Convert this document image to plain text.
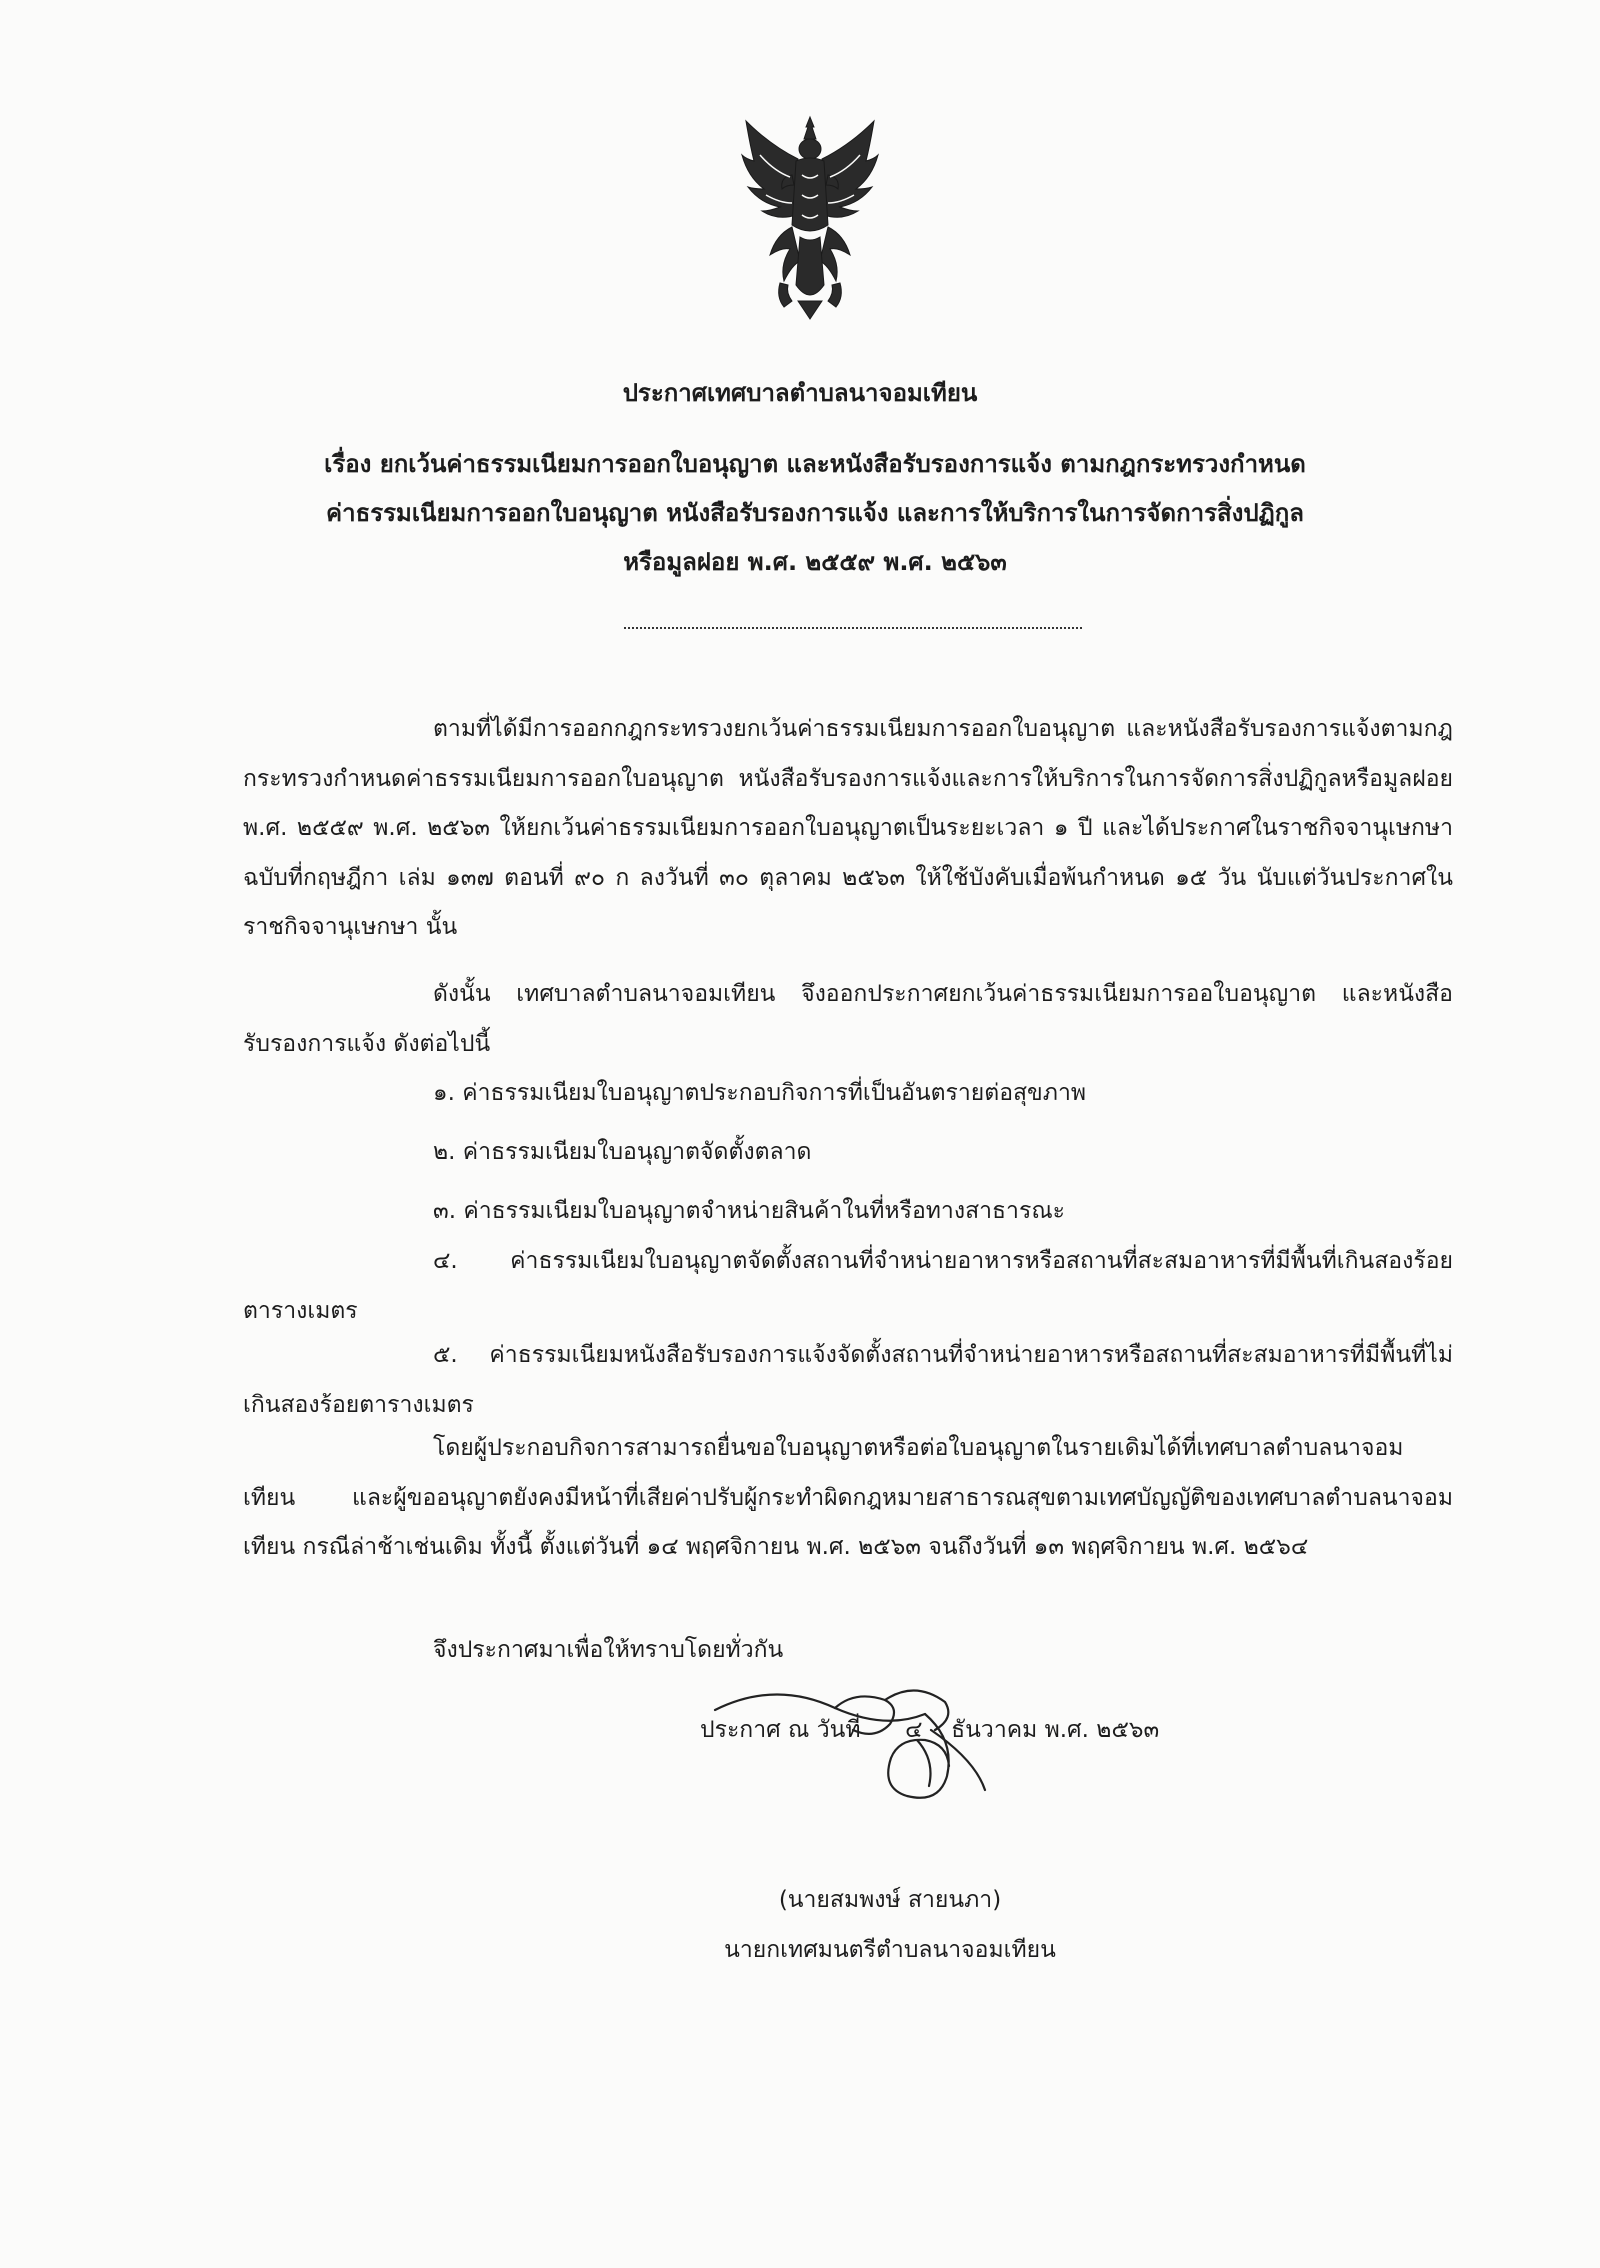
ประกาศเทศบาลตำบลนาจอมเทียน
เรื่อง ยกเว้นค่าธรรมเนียมการออกใบอนุญาต และหนังสือรับรองการแจ้ง ตามกฎกระทรวงกำหนด
ค่าธรรมเนียมการออกใบอนุญาต หนังสือรับรองการแจ้ง และการให้บริการในการจัดการสิ่งปฏิกูล
หรือมูลฝอย พ.ศ. ๒๕๕๙ พ.ศ. ๒๕๖๓
ตามที่ได้มีการออกกฎกระทรวงยกเว้นค่าธรรมเนียมการออกใบอนุญาต และหนังสือรับรองการแจ้งตามกฎกระทรวงกำหนดค่าธรรมเนียมการออกใบอนุญาต หนังสือรับรองการแจ้งและการให้บริการในการจัดการสิ่งปฏิกูลหรือมูลฝอย พ.ศ. ๒๕๕๙ พ.ศ. ๒๕๖๓ ให้ยกเว้นค่าธรรมเนียมการออกใบอนุญาตเป็นระยะเวลา ๑ ปี และได้ประกาศในราชกิจจานุเษกษา ฉบับที่กฤษฎีกา เล่ม ๑๓๗ ตอนที่ ๙๐ ก ลงวันที่ ๓๐ ตุลาคม ๒๕๖๓ ให้ใช้บังคับเมื่อพ้นกำหนด ๑๕ วัน นับแต่วันประกาศในราชกิจจานุเษกษา นั้น
ดังนั้น เทศบาลตำบลนาจอมเทียน จึงออกประกาศยกเว้นค่าธรรมเนียมการออใบอนุญาต และหนังสือรับรองการแจ้ง ดังต่อไปนี้
๑. ค่าธรรมเนียมใบอนุญาตประกอบกิจการที่เป็นอันตรายต่อสุขภาพ
๒. ค่าธรรมเนียมใบอนุญาตจัดตั้งตลาด
๓. ค่าธรรมเนียมใบอนุญาตจำหน่ายสินค้าในที่หรือทางสาธารณะ
๔. ค่าธรรมเนียมใบอนุญาตจัดตั้งสถานที่จำหน่ายอาหารหรือสถานที่สะสมอาหารที่มีพื้นที่เกินสองร้อยตารางเมตร
๕. ค่าธรรมเนียมหนังสือรับรองการแจ้งจัดตั้งสถานที่จำหน่ายอาหารหรือสถานที่สะสมอาหารที่มีพื้นที่ไม่เกินสองร้อยตารางเมตร
โดยผู้ประกอบกิจการสามารถยื่นขอใบอนุญาตหรือต่อใบอนุญาตในรายเดิมได้ที่เทศบาลตำบลนาจอมเทียน และผู้ขออนุญาตยังคงมีหน้าที่เสียค่าปรับผู้กระทำผิดกฎหมายสาธารณสุขตามเทศบัญญัติของเทศบาลตำบลนาจอมเทียน กรณีล่าช้าเช่นเดิม ทั้งนี้ ตั้งแต่วันที่ ๑๔ พฤศจิกายน พ.ศ. ๒๕๖๓ จนถึงวันที่ ๑๓ พฤศจิกายน พ.ศ. ๒๕๖๔
จึงประกาศมาเพื่อให้ทราบโดยทั่วกัน
ประกาศ ณ วันที่ ๔ ธันวาคม พ.ศ. ๒๕๖๓
(นายสมพงษ์ สายนภา)
นายกเทศมนตรีตำบลนาจอมเทียน
